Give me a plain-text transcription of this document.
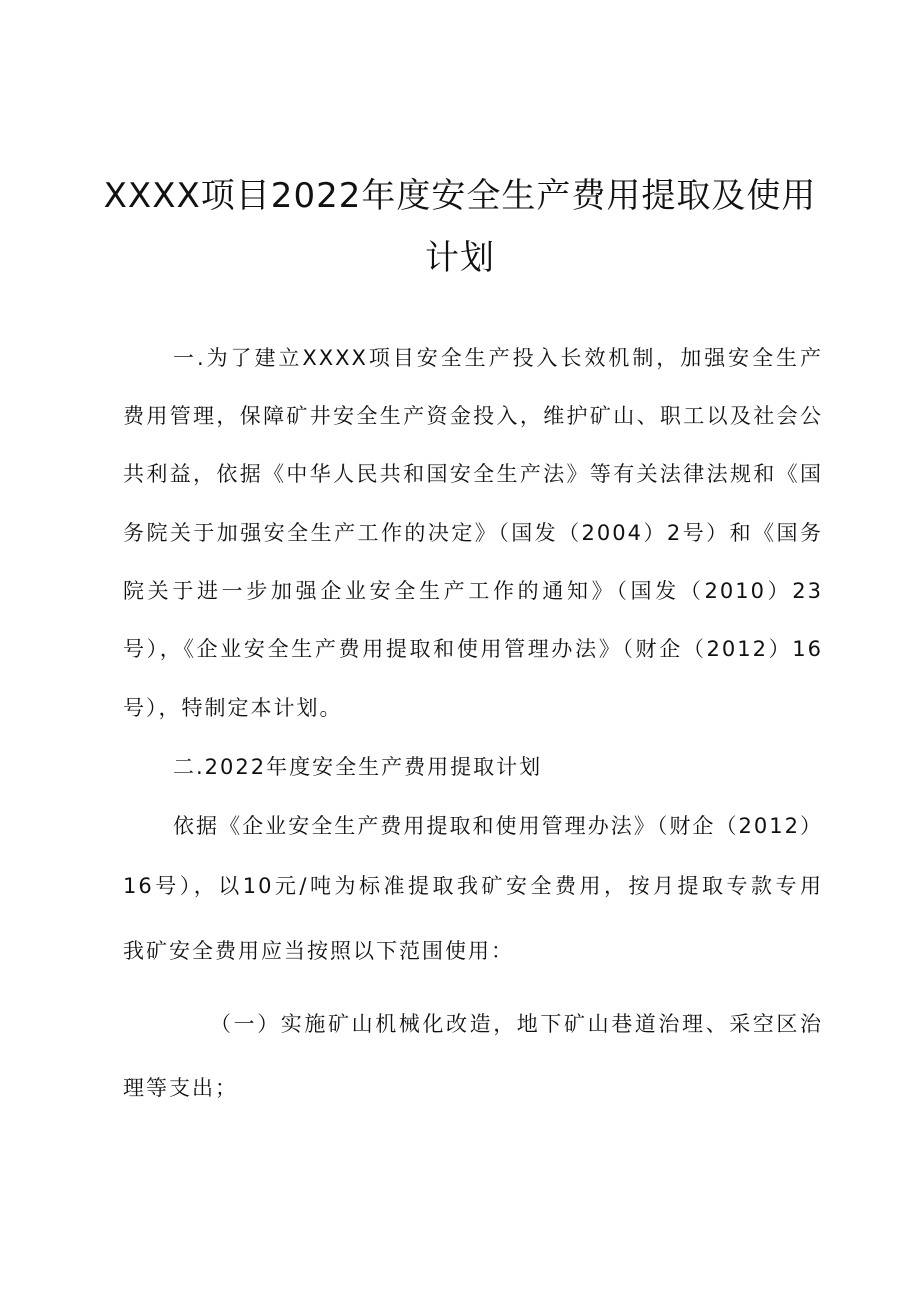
XXXX项目2022年度安全生产费用提取及使用
计划
一.为了建立XXXX项目安全生产投入长效机制，加强安全生产
费用管理，保障矿井安全生产资金投入，维护矿山、职工以及社会公
共利益，依据《中华人民共和国安全生产法》等有关法律法规和《国
务院关于加强安全生产工作的决定》（国发（2004）2号）和《国务
院关于进一步加强企业安全生产工作的通知》（国发（2010）23
号），《企业安全生产费用提取和使用管理办法》（财企（2012）16
号），特制定本计划。
二.2022年度安全生产费用提取计划
依据《企业安全生产费用提取和使用管理办法》（财企（2012）
16号），以10元/吨为标准提取我矿安全费用，按月提取专款专用
我矿安全费用应当按照以下范围使用：
（一）实施矿山机械化改造，地下矿山巷道治理、采空区治
理等支出；
